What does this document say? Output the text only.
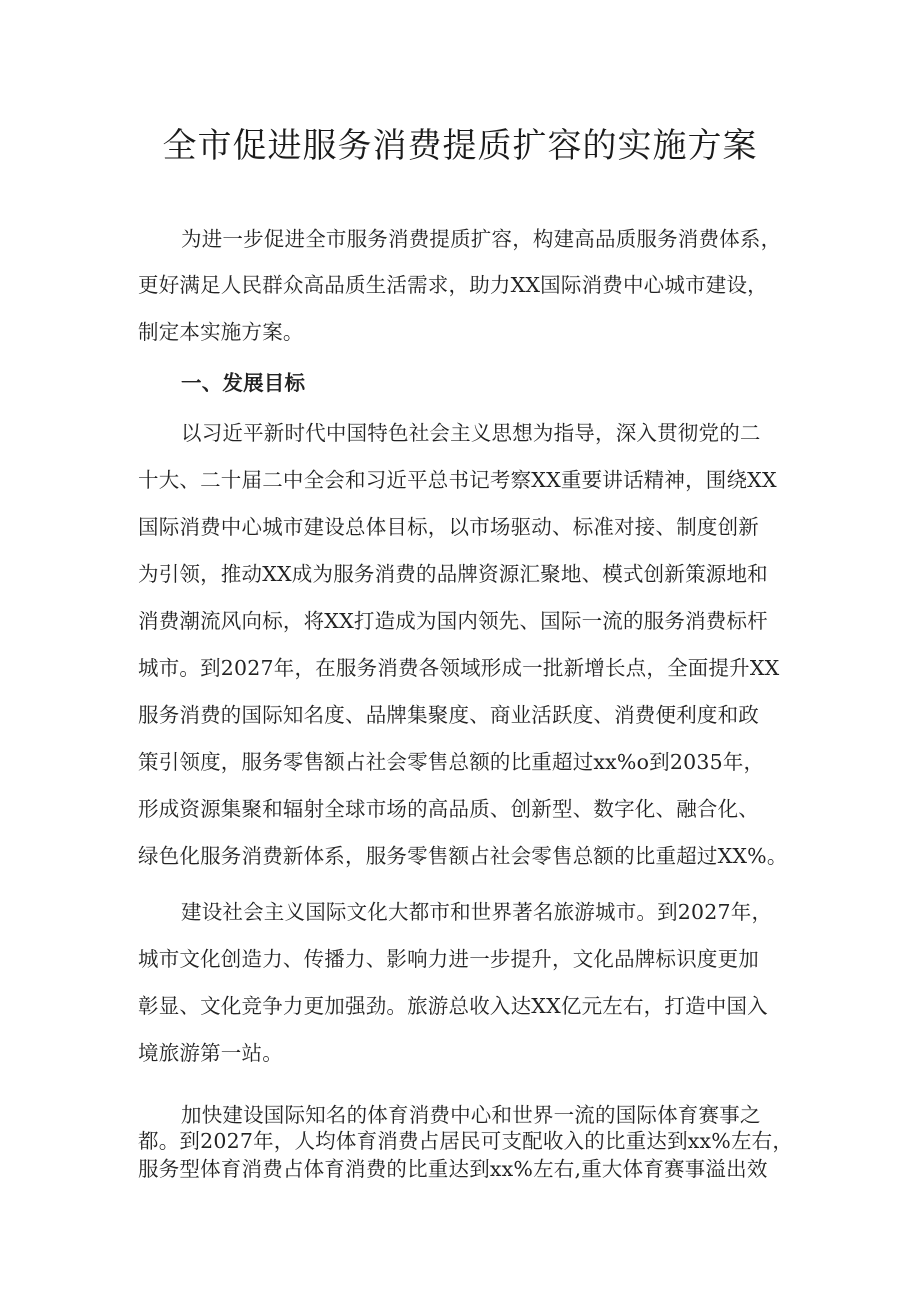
全市促进服务消费提质扩容的实施方案

为进一步促进全市服务消费提质扩容，构建高品质服务消费体系，

更好满足人民群众高品质生活需求，助力XX国际消费中心城市建设，

制定本实施方案。

一、发展目标

以习近平新时代中国特色社会主义思想为指导，深入贯彻党的二

十大、二十届二中全会和习近平总书记考察XX重要讲话精神，围绕XX

国际消费中心城市建设总体目标，以市场驱动、标准对接、制度创新

为引领，推动XX成为服务消费的品牌资源汇聚地、模式创新策源地和

消费潮流风向标，将XX打造成为国内领先、国际一流的服务消费标杆

城市。到2027年，在服务消费各领域形成一批新增长点，全面提升XX

服务消费的国际知名度、品牌集聚度、商业活跃度、消费便利度和政

策引领度，服务零售额占社会零售总额的比重超过xx%o到2035年，

形成资源集聚和辐射全球市场的高品质、创新型、数字化、融合化、

绿色化服务消费新体系，服务零售额占社会零售总额的比重超过XX%。

建设社会主义国际文化大都市和世界著名旅游城市。到2027年，

城市文化创造力、传播力、影响力进一步提升，文化品牌标识度更加

彰显、文化竞争力更加强劲。旅游总收入达XX亿元左右，打造中国入

境旅游第一站。

加快建设国际知名的体育消费中心和世界一流的国际体育赛事之

都。到2027年，人均体育消费占居民可支配收入的比重达到xx%左右，

服务型体育消费占体育消费的比重达到xx%左右,重大体育赛事溢出效
